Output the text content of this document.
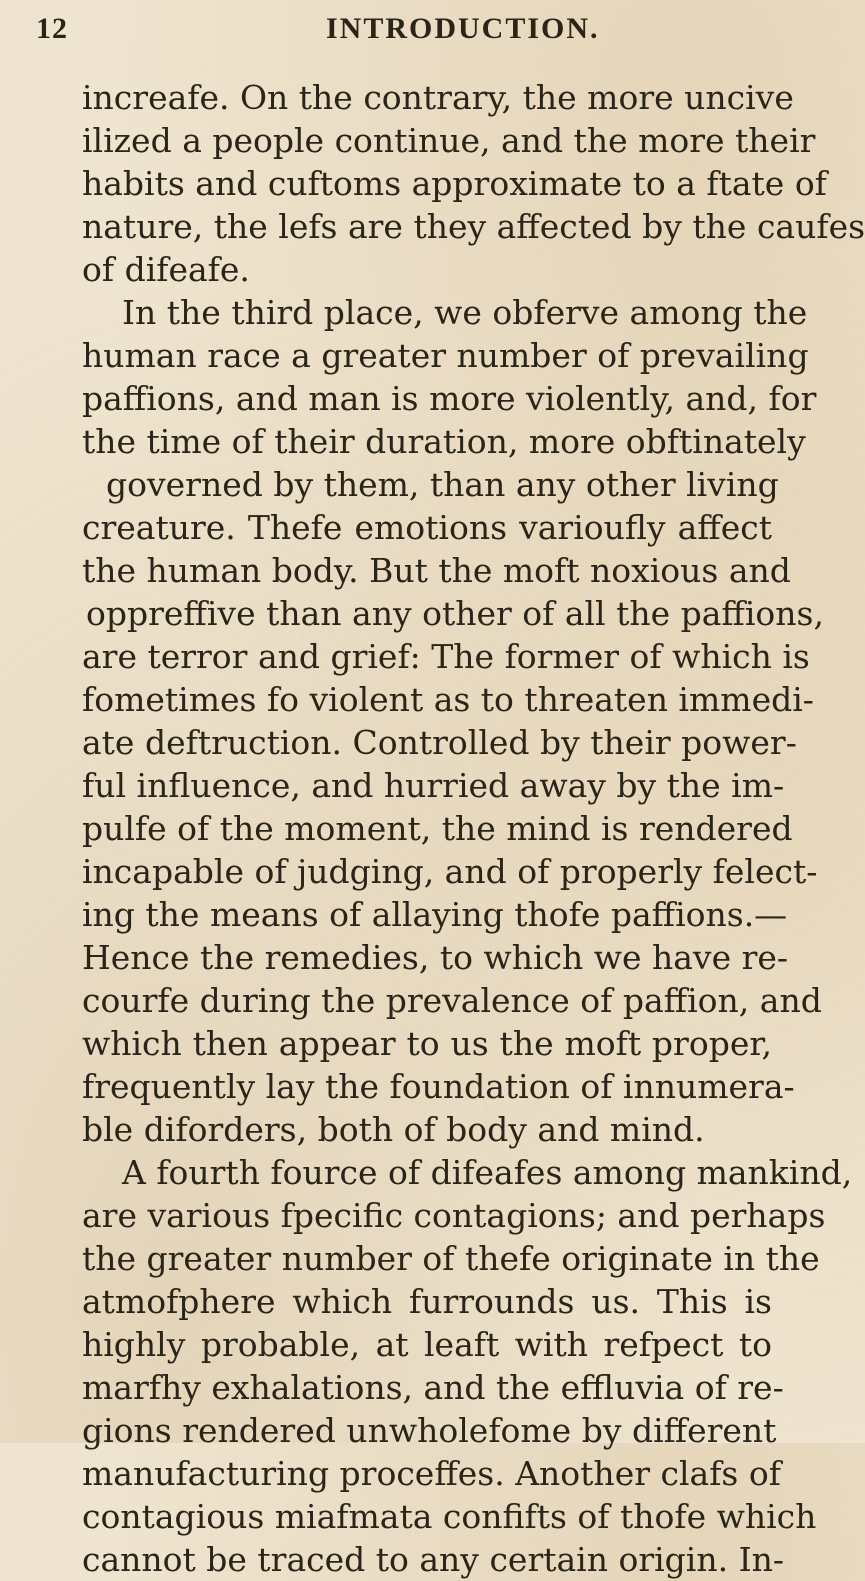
12	INTRODUCTION.
increafe. On the contrary, the more uncive
ilized a people continue, and the more their
habits and cuftoms approximate to a ftate of
nature, the lefs are they affected by the caufes
of difeafe.
In the third place, we obferve among the
human race a greater number of prevailing
paffions, and man is more violently, and, for
the time of their duration, more obftinately
governed by them, than any other living
creature. Thefe emotions varioufly affect
the human body. But the moft noxious and
oppreffive than any other of all the paffions,
are terror and grief: The former of which is
fometimes fo violent as to threaten immedi-
ate deftruction. Controlled by their power-
ful influence, and hurried away by the im-
pulfe of the moment, the mind is rendered
incapable of judging, and of properly felect-
ing the means of allaying thofe paffions.—
Hence the remedies, to which we have re-
courfe during the prevalence of paffion, and
which then appear to us the moft proper,
frequently lay the foundation of innumera-
ble diforders, both of body and mind.
A fourth fource of difeafes among mankind,
are various fpecific contagions; and perhaps
the greater number of thefe originate in the
atmofphere which furrounds us. This is
highly probable, at leaft with refpect to
marfhy exhalations, and the effluvia of re-
gions rendered unwholefome by different
manufacturing proceffes. Another clafs of
contagious miafmata confifts of thofe which
cannot be traced to any certain origin. In-
